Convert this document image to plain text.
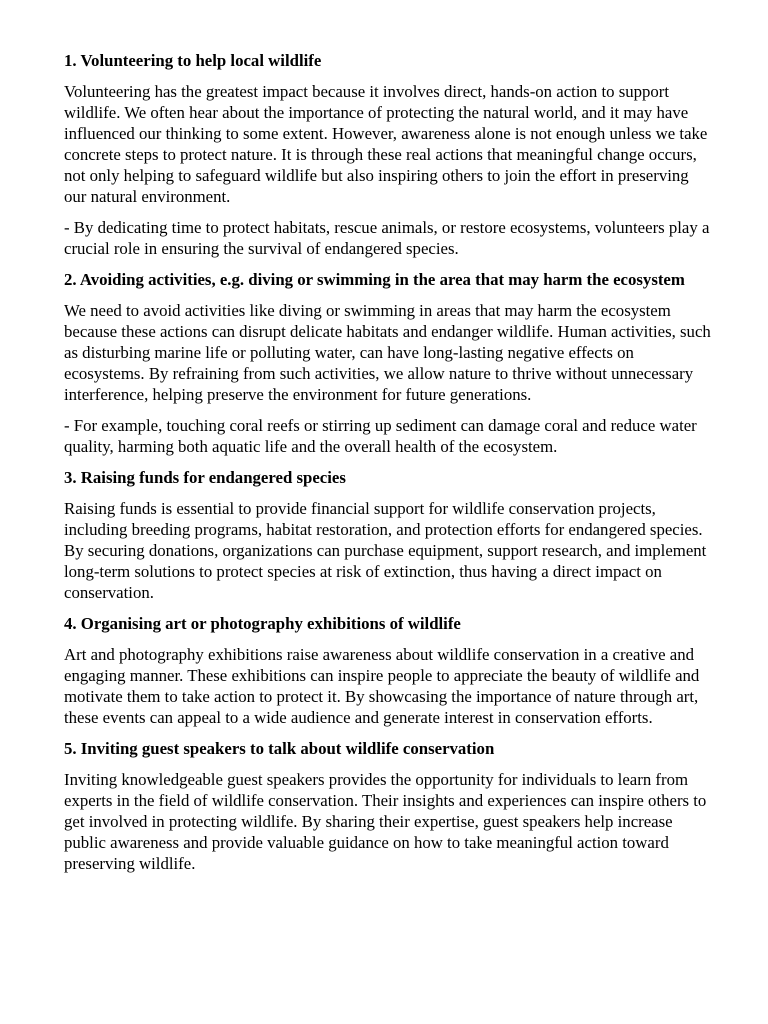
1. Volunteering to help local wildlife

Volunteering has the greatest impact because it involves direct, hands-on action to support wildlife. We often hear about the importance of protecting the natural world, and it may have influenced our thinking to some extent. However, awareness alone is not enough unless we take concrete steps to protect nature. It is through these real actions that meaningful change occurs, not only helping to safeguard wildlife but also inspiring others to join the effort in preserving our natural environment.

- By dedicating time to protect habitats, rescue animals, or restore ecosystems, volunteers play a crucial role in ensuring the survival of endangered species.

2. Avoiding activities, e.g. diving or swimming in the area that may harm the ecosystem

We need to avoid activities like diving or swimming in areas that may harm the ecosystem because these actions can disrupt delicate habitats and endanger wildlife. Human activities, such as disturbing marine life or polluting water, can have long-lasting negative effects on ecosystems. By refraining from such activities, we allow nature to thrive without unnecessary interference, helping preserve the environment for future generations.

- For example, touching coral reefs or stirring up sediment can damage coral and reduce water quality, harming both aquatic life and the overall health of the ecosystem.

3. Raising funds for endangered species

Raising funds is essential to provide financial support for wildlife conservation projects, including breeding programs, habitat restoration, and protection efforts for endangered species. By securing donations, organizations can purchase equipment, support research, and implement long-term solutions to protect species at risk of extinction, thus having a direct impact on conservation.

4. Organising art or photography exhibitions of wildlife

Art and photography exhibitions raise awareness about wildlife conservation in a creative and engaging manner. These exhibitions can inspire people to appreciate the beauty of wildlife and motivate them to take action to protect it. By showcasing the importance of nature through art, these events can appeal to a wide audience and generate interest in conservation efforts.

5. Inviting guest speakers to talk about wildlife conservation

Inviting knowledgeable guest speakers provides the opportunity for individuals to learn from experts in the field of wildlife conservation. Their insights and experiences can inspire others to get involved in protecting wildlife. By sharing their expertise, guest speakers help increase public awareness and provide valuable guidance on how to take meaningful action toward preserving wildlife.
